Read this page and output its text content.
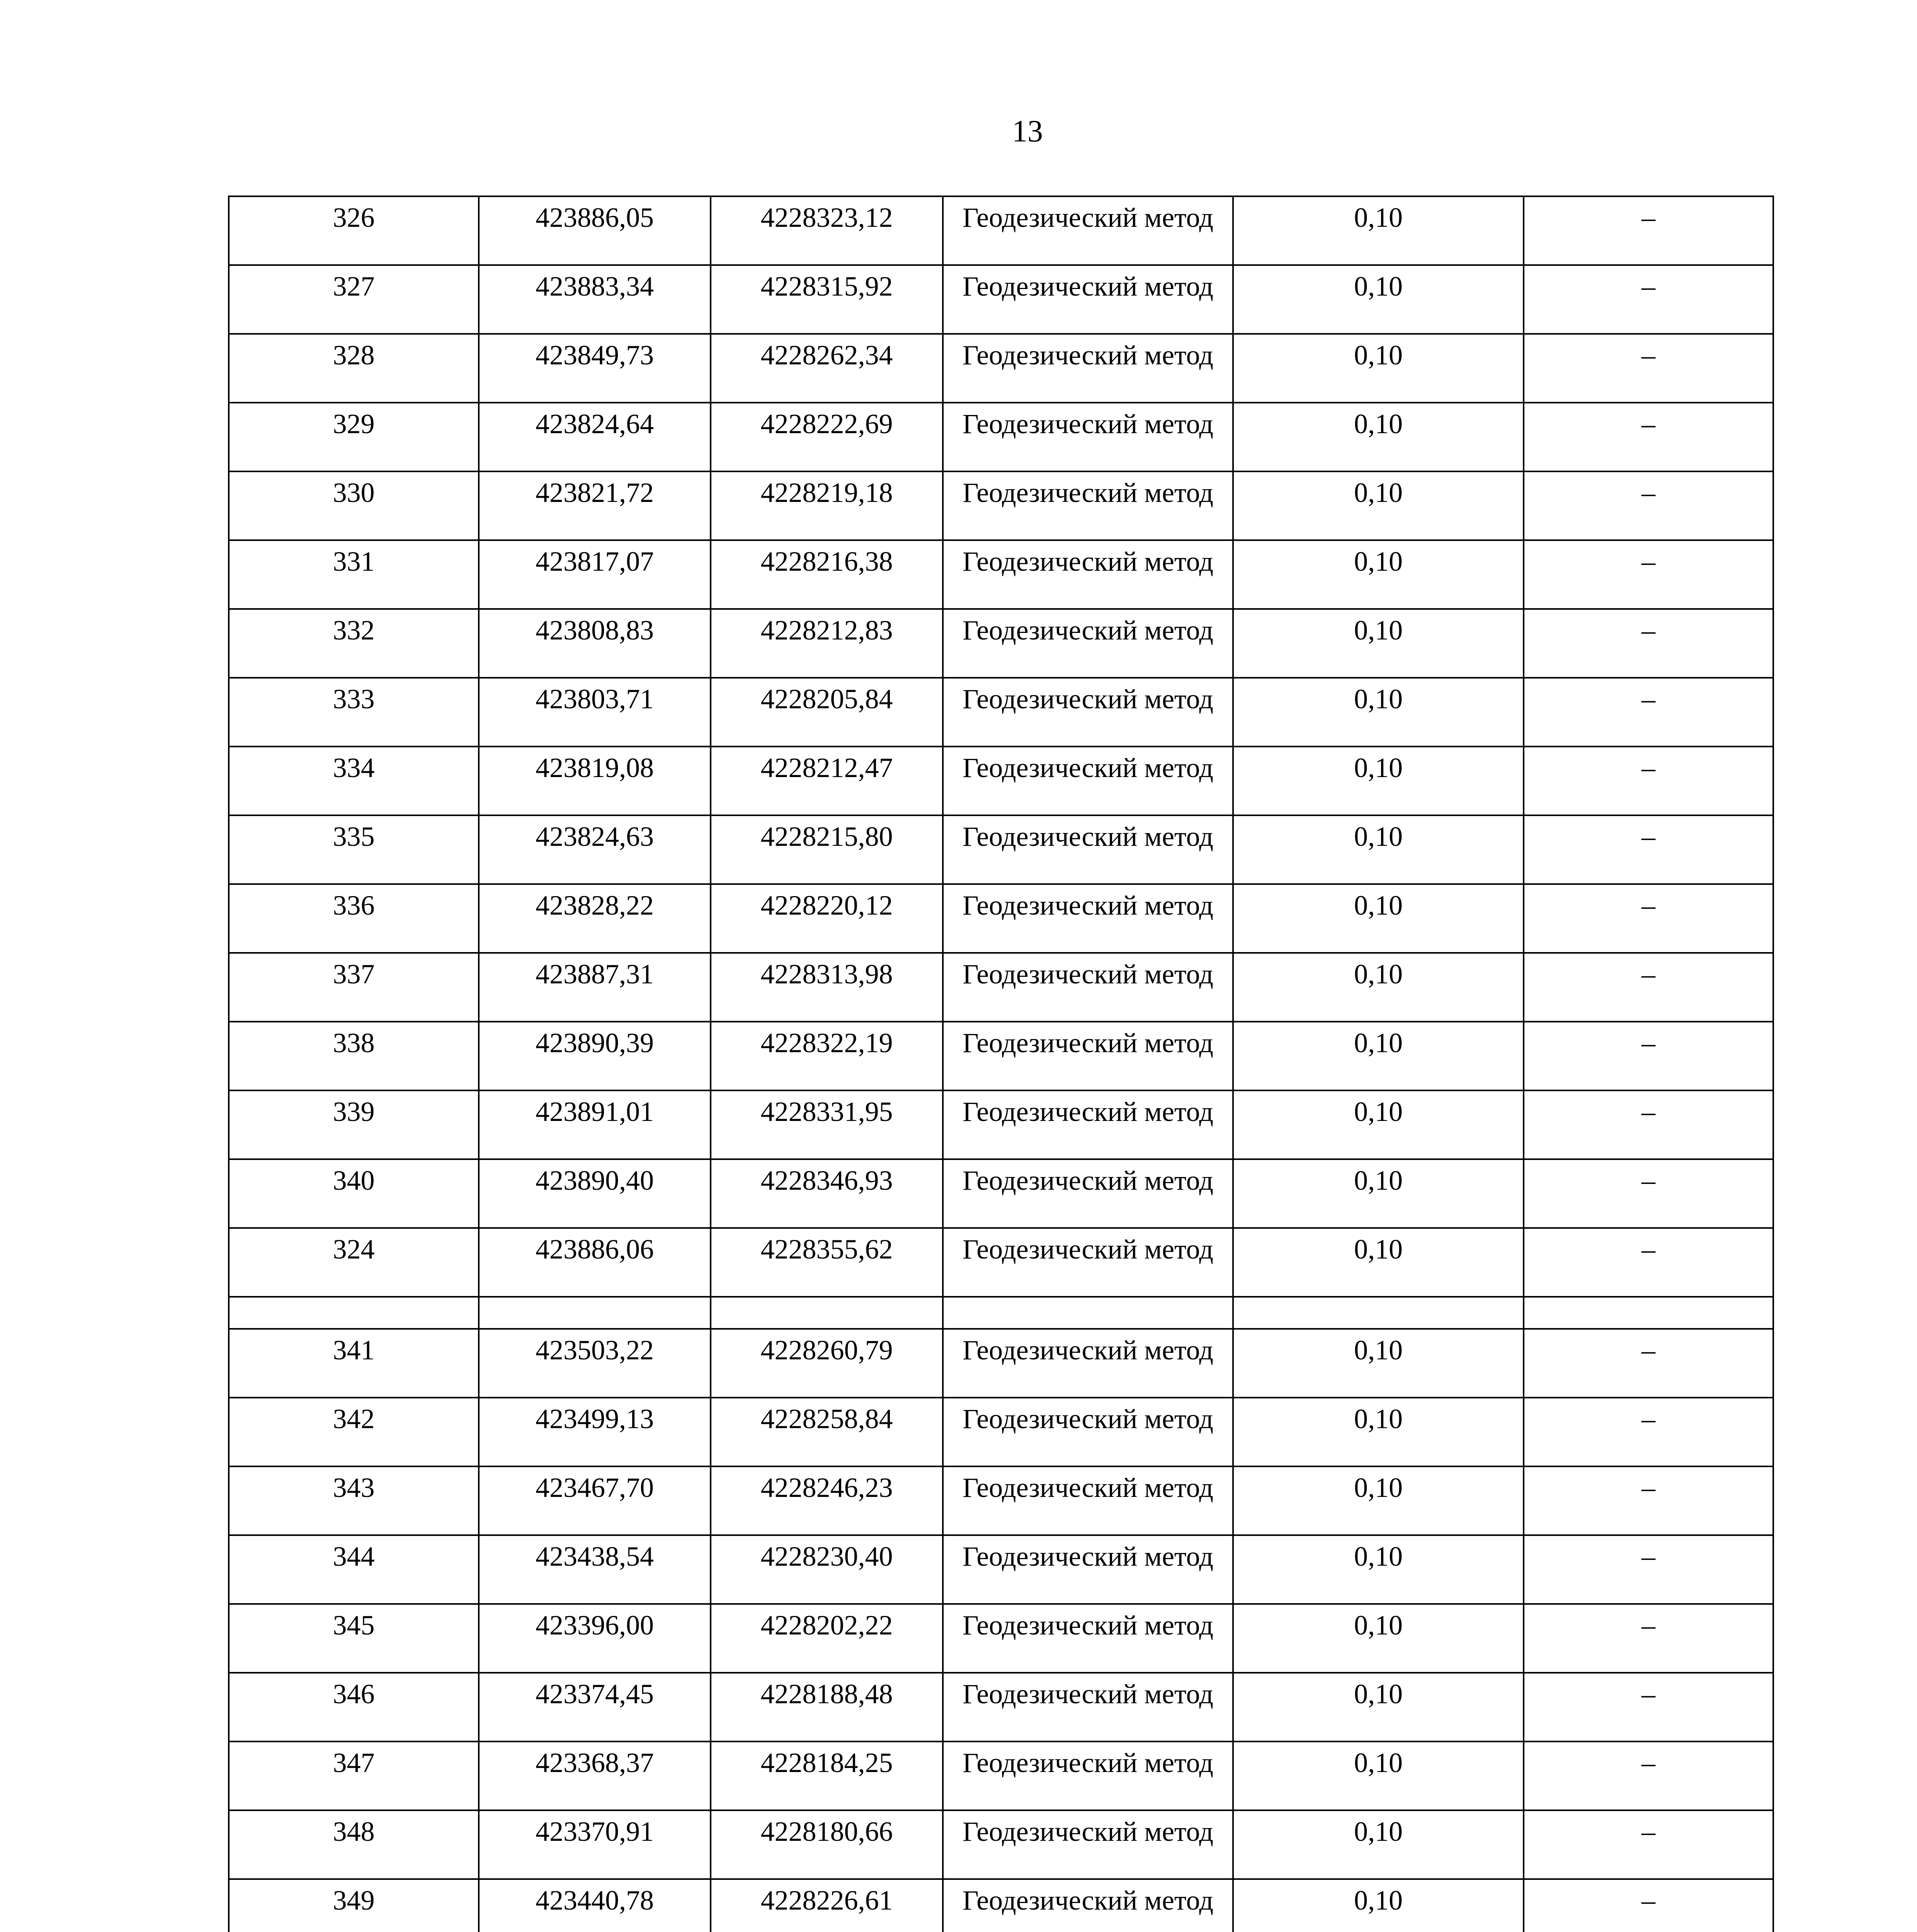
13
326	423886,05	4228323,12	Геодезический метод	0,10	–
327	423883,34	4228315,92	Геодезический метод	0,10	–
328	423849,73	4228262,34	Геодезический метод	0,10	–
329	423824,64	4228222,69	Геодезический метод	0,10	–
330	423821,72	4228219,18	Геодезический метод	0,10	–
331	423817,07	4228216,38	Геодезический метод	0,10	–
332	423808,83	4228212,83	Геодезический метод	0,10	–
333	423803,71	4228205,84	Геодезический метод	0,10	–
334	423819,08	4228212,47	Геодезический метод	0,10	–
335	423824,63	4228215,80	Геодезический метод	0,10	–
336	423828,22	4228220,12	Геодезический метод	0,10	–
337	423887,31	4228313,98	Геодезический метод	0,10	–
338	423890,39	4228322,19	Геодезический метод	0,10	–
339	423891,01	4228331,95	Геодезический метод	0,10	–
340	423890,40	4228346,93	Геодезический метод	0,10	–
324	423886,06	4228355,62	Геодезический метод	0,10	–

341	423503,22	4228260,79	Геодезический метод	0,10	–
342	423499,13	4228258,84	Геодезический метод	0,10	–
343	423467,70	4228246,23	Геодезический метод	0,10	–
344	423438,54	4228230,40	Геодезический метод	0,10	–
345	423396,00	4228202,22	Геодезический метод	0,10	–
346	423374,45	4228188,48	Геодезический метод	0,10	–
347	423368,37	4228184,25	Геодезический метод	0,10	–
348	423370,91	4228180,66	Геодезический метод	0,10	–
349	423440,78	4228226,61	Геодезический метод	0,10	–
